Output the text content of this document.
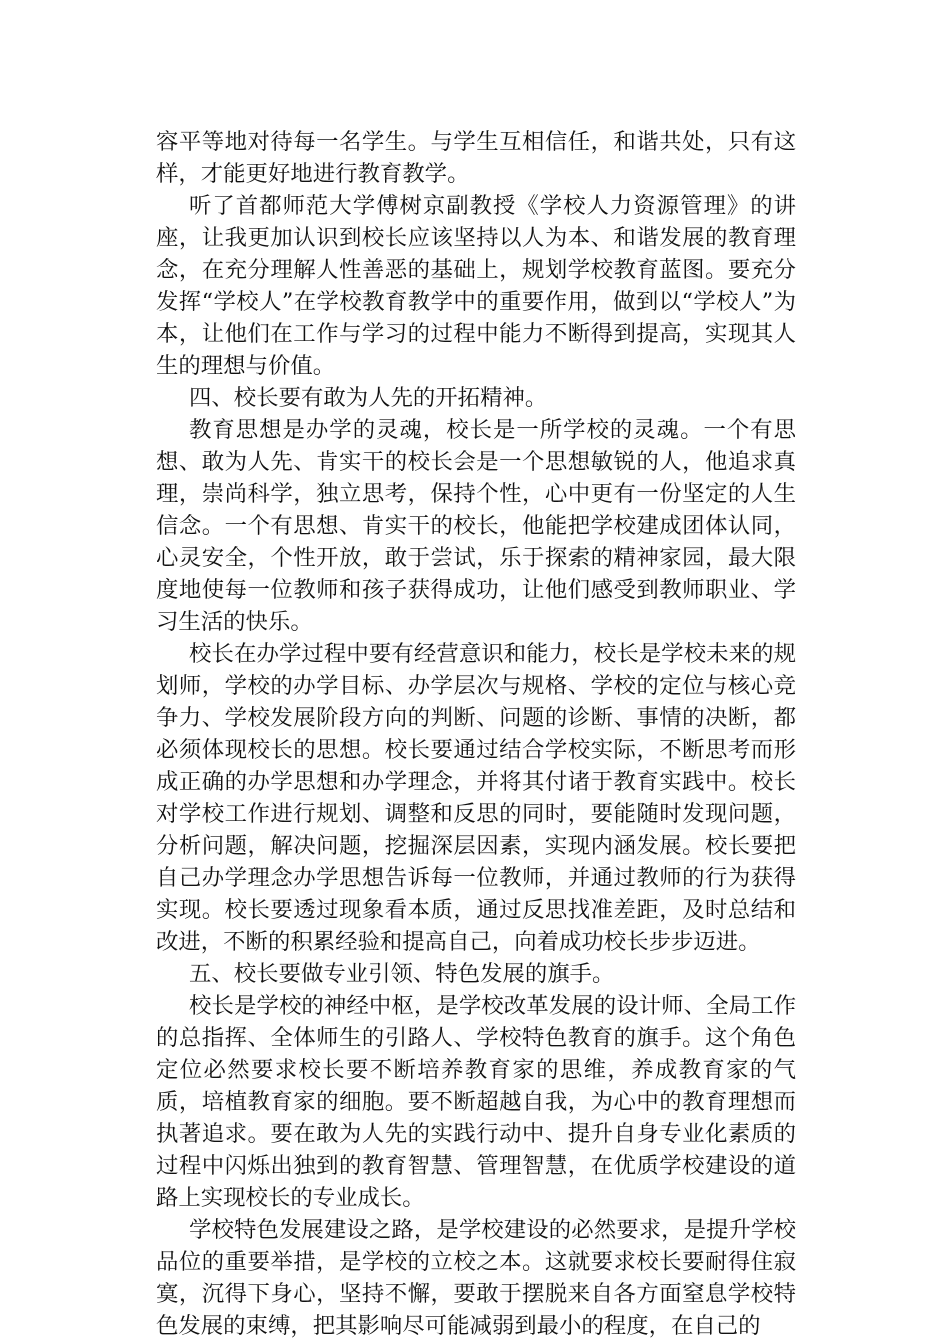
容平等地对待每一名学生。与学生互相信任，和谐共处，只有这样，才能更好地进行教育教学。

听了首都师范大学傅树京副教授《学校人力资源管理》的讲座，让我更加认识到校长应该坚持以人为本、和谐发展的教育理念，在充分理解人性善恶的基础上，规划学校教育蓝图。要充分发挥“学校人”在学校教育教学中的重要作用，做到以“学校人”为本，让他们在工作与学习的过程中能力不断得到提高，实现其人生的理想与价值。

四、校长要有敢为人先的开拓精神。

教育思想是办学的灵魂，校长是一所学校的灵魂。一个有思想、敢为人先、肯实干的校长会是一个思想敏锐的人，他追求真理，崇尚科学，独立思考，保持个性，心中更有一份坚定的人生信念。一个有思想、肯实干的校长，他能把学校建成团体认同，心灵安全，个性开放，敢于尝试，乐于探索的精神家园，最大限度地使每一位教师和孩子获得成功，让他们感受到教师职业、学习生活的快乐。

校长在办学过程中要有经营意识和能力，校长是学校未来的规划师，学校的办学目标、办学层次与规格、学校的定位与核心竞争力、学校发展阶段方向的判断、问题的诊断、事情的决断，都必须体现校长的思想。校长要通过结合学校实际，不断思考而形成正确的办学思想和办学理念，并将其付诸于教育实践中。校长对学校工作进行规划、调整和反思的同时，要能随时发现问题，分析问题，解决问题，挖掘深层因素，实现内涵发展。校长要把自己办学理念办学思想告诉每一位教师，并通过教师的行为获得实现。校长要透过现象看本质，通过反思找准差距，及时总结和改进，不断的积累经验和提高自己，向着成功校长步步迈进。

五、校长要做专业引领、特色发展的旗手。

校长是学校的神经中枢，是学校改革发展的设计师、全局工作的总指挥、全体师生的引路人、学校特色教育的旗手。这个角色定位必然要求校长要不断培养教育家的思维，养成教育家的气质，培植教育家的细胞。要不断超越自我，为心中的教育理想而执著追求。要在敢为人先的实践行动中、提升自身专业化素质的过程中闪烁出独到的教育智慧、管理智慧，在优质学校建设的道路上实现校长的专业成长。

学校特色发展建设之路，是学校建设的必然要求，是提升学校品位的重要举措，是学校的立校之本。这就要求校长要耐得住寂寞，沉得下身心，坚持不懈，要敢于摆脱来自各方面窒息学校特色发展的束缚，把其影响尽可能减弱到最小的程度，在自己的
